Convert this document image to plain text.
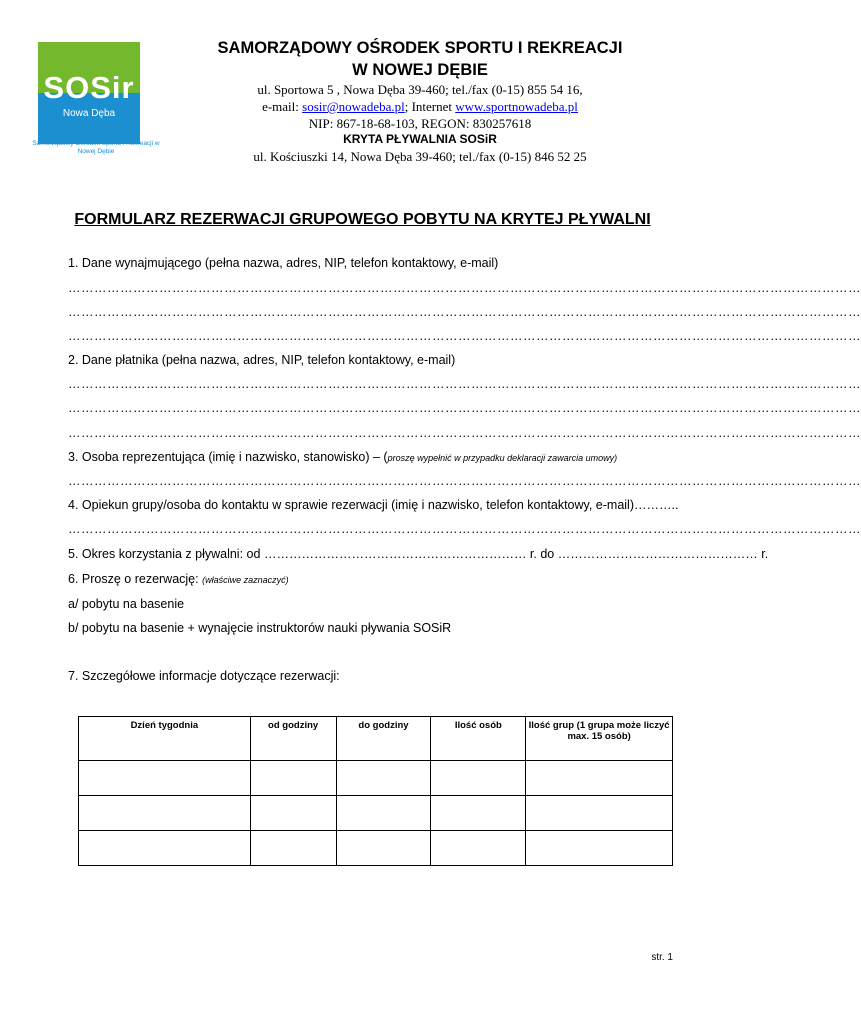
SOSir
Nowa Dęba
Samorządowy Ośrodek Sportu i Rekreacji w Nowej Dębie
SAMORZĄDOWY OŚRODEK SPORTU I REKREACJI
W NOWEJ DĘBIE
ul. Sportowa 5 , Nowa Dęba 39-460; tel./fax (0-15) 855 54 16,
e-mail: sosir@nowadeba.pl; Internet www.sportnowadeba.pl
NIP: 867-18-68-103, REGON: 830257618
KRYTA PŁYWALNIA SOSiR
ul. Kościuszki 14, Nowa Dęba 39-460; tel./fax (0-15) 846 52 25
FORMULARZ REZERWACJI GRUPOWEGO POBYTU NA KRYTEJ PŁYWALNI
1. Dane wynajmującego (pełna nazwa, adres, NIP, telefon kontaktowy, e-mail)
…………………………………………………………………………………………………………………………………………………………………
…………………………………………………………………………………………………………………………………………………………………
…………………………………………………………………………………………………………………………………………………………………
2. Dane płatnika (pełna nazwa, adres, NIP, telefon kontaktowy, e-mail)
…………………………………………………………………………………………………………………………………………………………………
…………………………………………………………………………………………………………………………………………………………………
…………………………………………………………………………………………………………………………………………………………………
3. Osoba reprezentująca (imię i nazwisko, stanowisko) – (proszę wypełnić w przypadku deklaracji zawarcia umowy)
…………………………………………………………………………………………………………………………………………………………………
4. Opiekun grupy/osoba do kontaktu w sprawie rezerwacji (imię i nazwisko, telefon kontaktowy, e-mail)………..
…………………………………………………………………………………………………………………………………………………………………
5. Okres korzystania z pływalni: od ……………………………………………………… r. do ………………………………………… r.
6. Proszę o rezerwację: (właściwe zaznaczyć)
a/ pobytu na basenie
b/ pobytu na basenie + wynajęcie instruktorów nauki pływania SOSiR
7. Szczegółowe informacje dotyczące rezerwacji:
Dzień tygodnia	od godziny	do godziny	Ilość osób	Ilość grup (1 grupa może liczyć max. 15 osób)

str. 1
